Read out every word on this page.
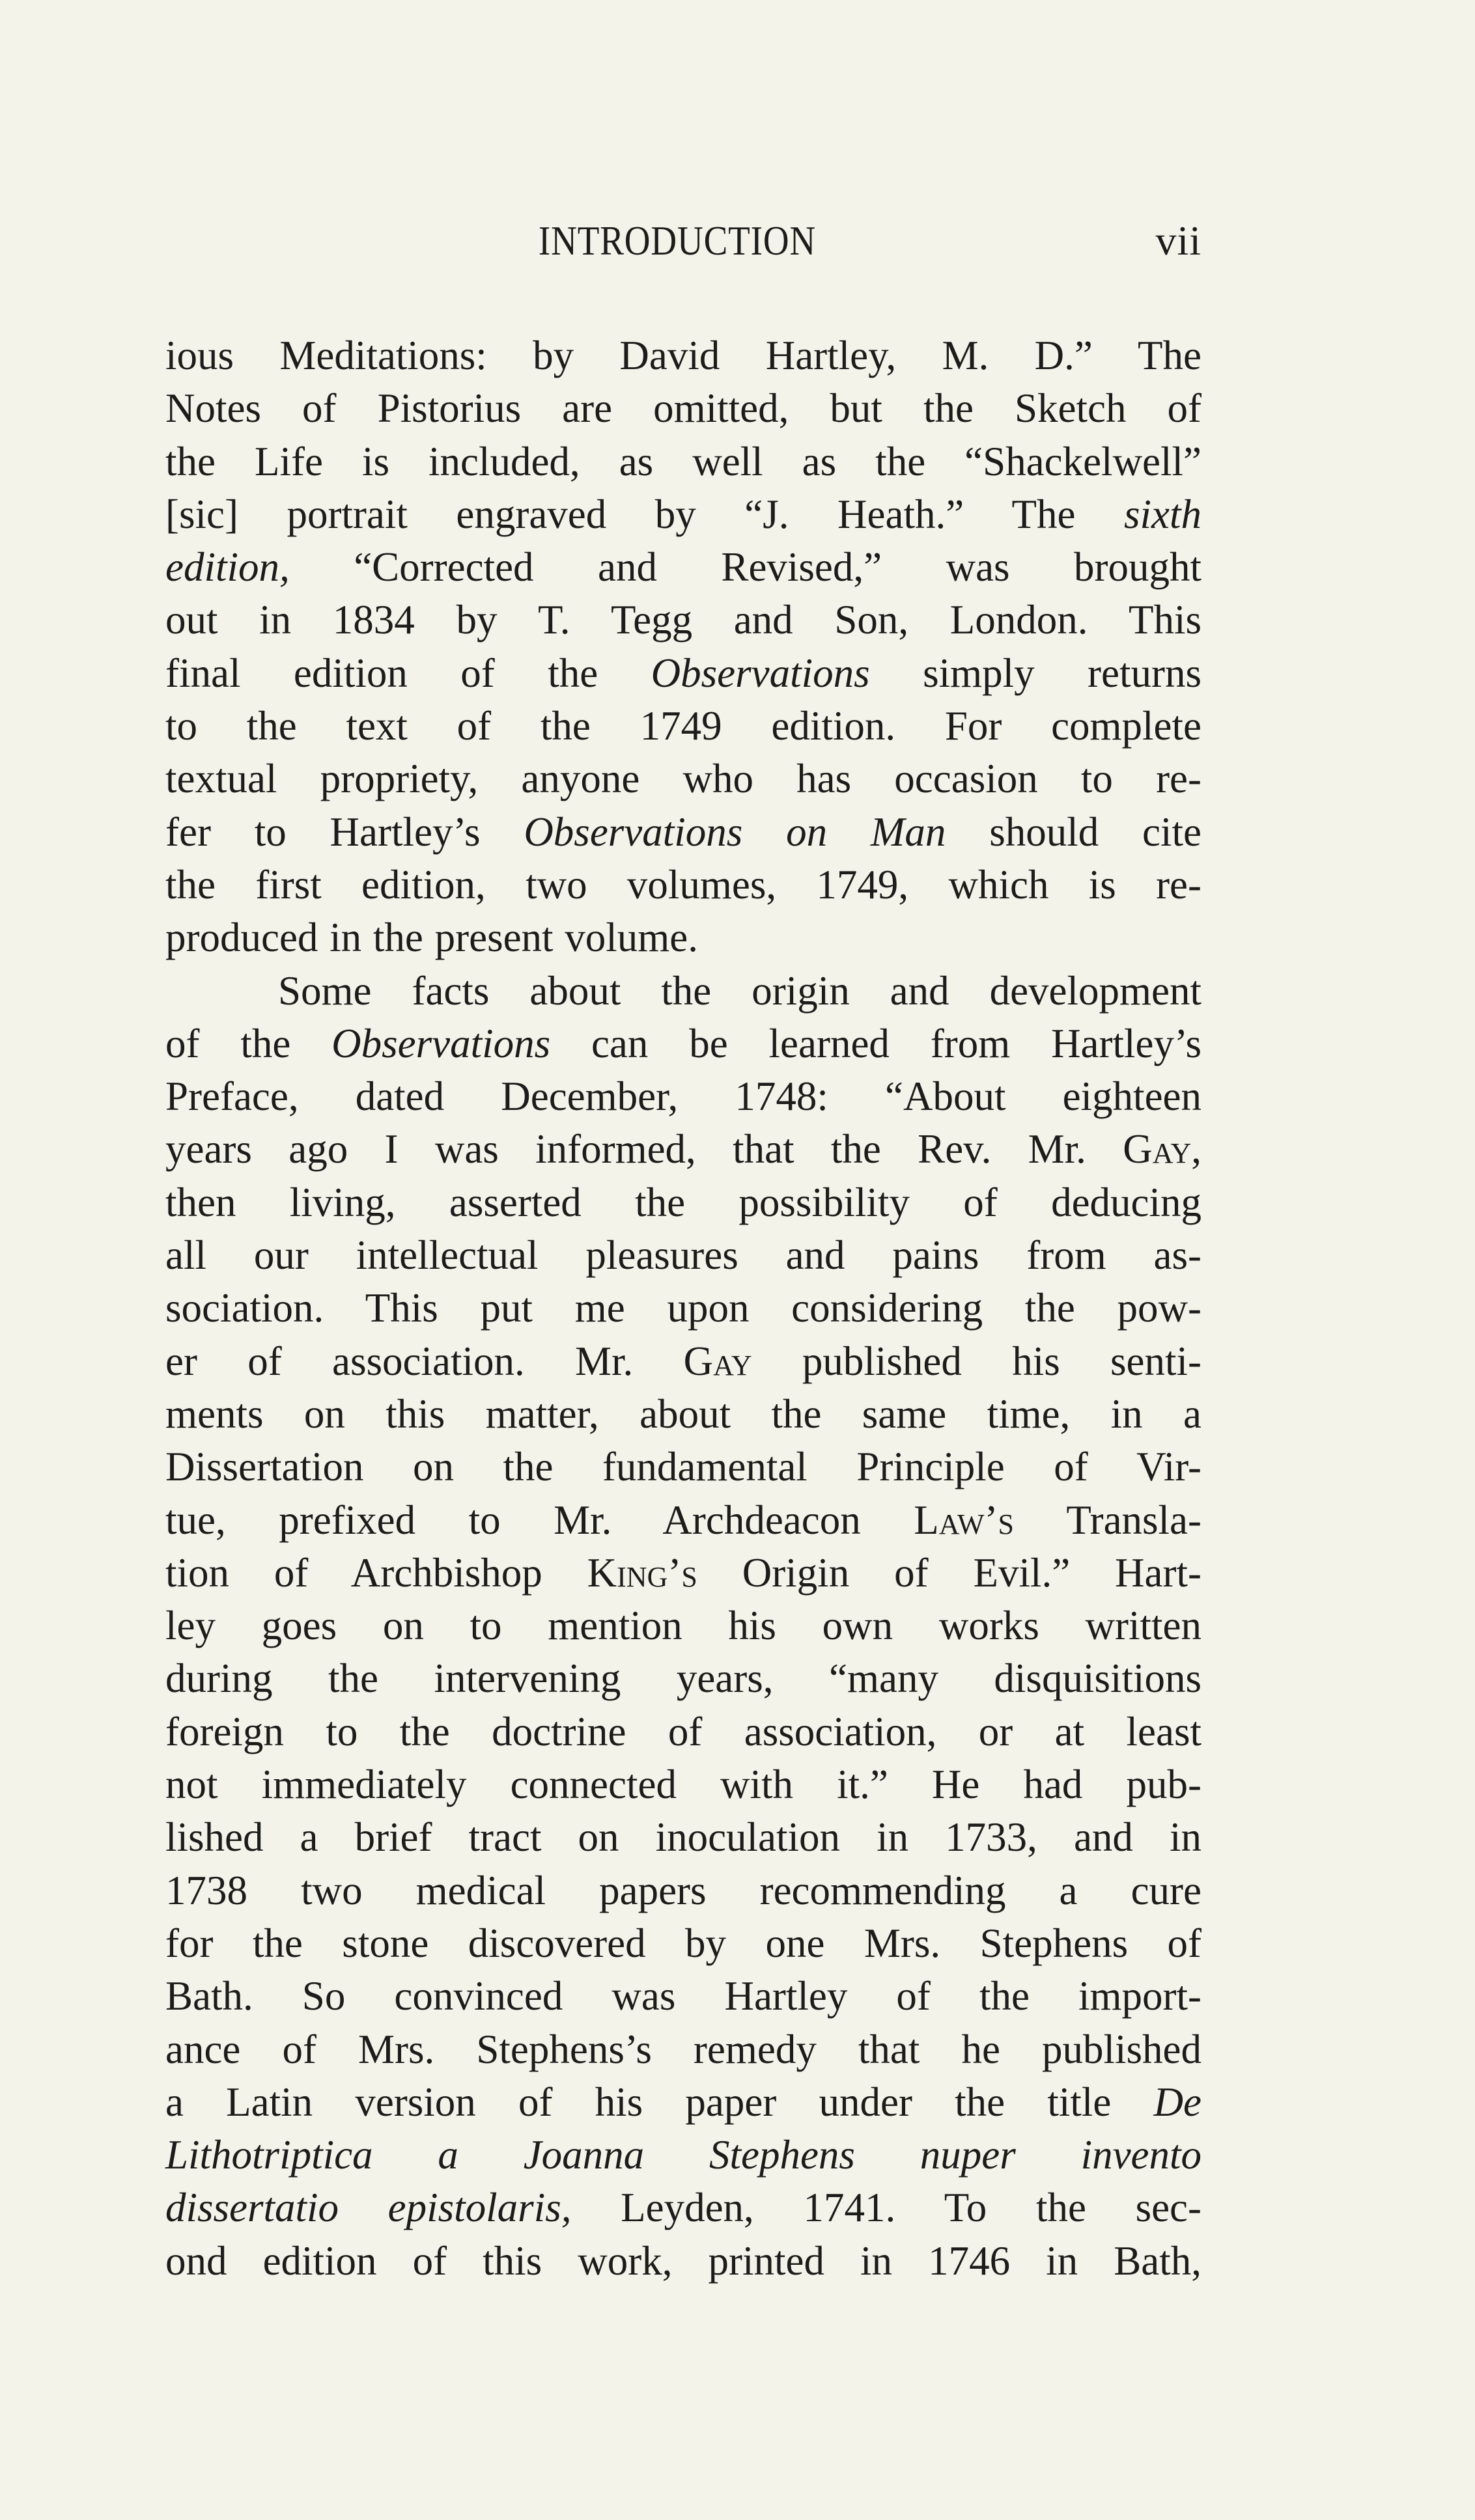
INTRODUCTION	vii
ious Meditations: by David Hartley, M. D.” The
Notes of Pistorius are omitted, but the Sketch of
the Life is included, as well as the “Shackelwell”
[sic] portrait engraved by “J. Heath.” The sixth
edition, “Corrected and Revised,” was brought
out in 1834 by T. Tegg and Son, London. This
final edition of the Observations simply returns
to the text of the 1749 edition. For complete
textual propriety, anyone who has occasion to re-
fer to Hartley’s Observations on Man should cite
the first edition, two volumes, 1749, which is re-
produced in the present volume.
Some facts about the origin and development
of the Observations can be learned from Hartley’s
Preface, dated December, 1748: “About eighteen
years ago I was informed, that the Rev. Mr. Gay,
then living, asserted the possibility of deducing
all our intellectual pleasures and pains from as-
sociation. This put me upon considering the pow-
er of association. Mr. Gay published his senti-
ments on this matter, about the same time, in a
Dissertation on the fundamental Principle of Vir-
tue, prefixed to Mr. Archdeacon Law’s Transla-
tion of Archbishop King’s Origin of Evil.” Hart-
ley goes on to mention his own works written
during the intervening years, “many disquisitions
foreign to the doctrine of association, or at least
not immediately connected with it.” He had pub-
lished a brief tract on inoculation in 1733, and in
1738 two medical papers recommending a cure
for the stone discovered by one Mrs. Stephens of
Bath. So convinced was Hartley of the import-
ance of Mrs. Stephens’s remedy that he published
a Latin version of his paper under the title De
Lithotriptica a Joanna Stephens nuper invento
dissertatio epistolaris, Leyden, 1741. To the sec-
ond edition of this work, printed in 1746 in Bath,
